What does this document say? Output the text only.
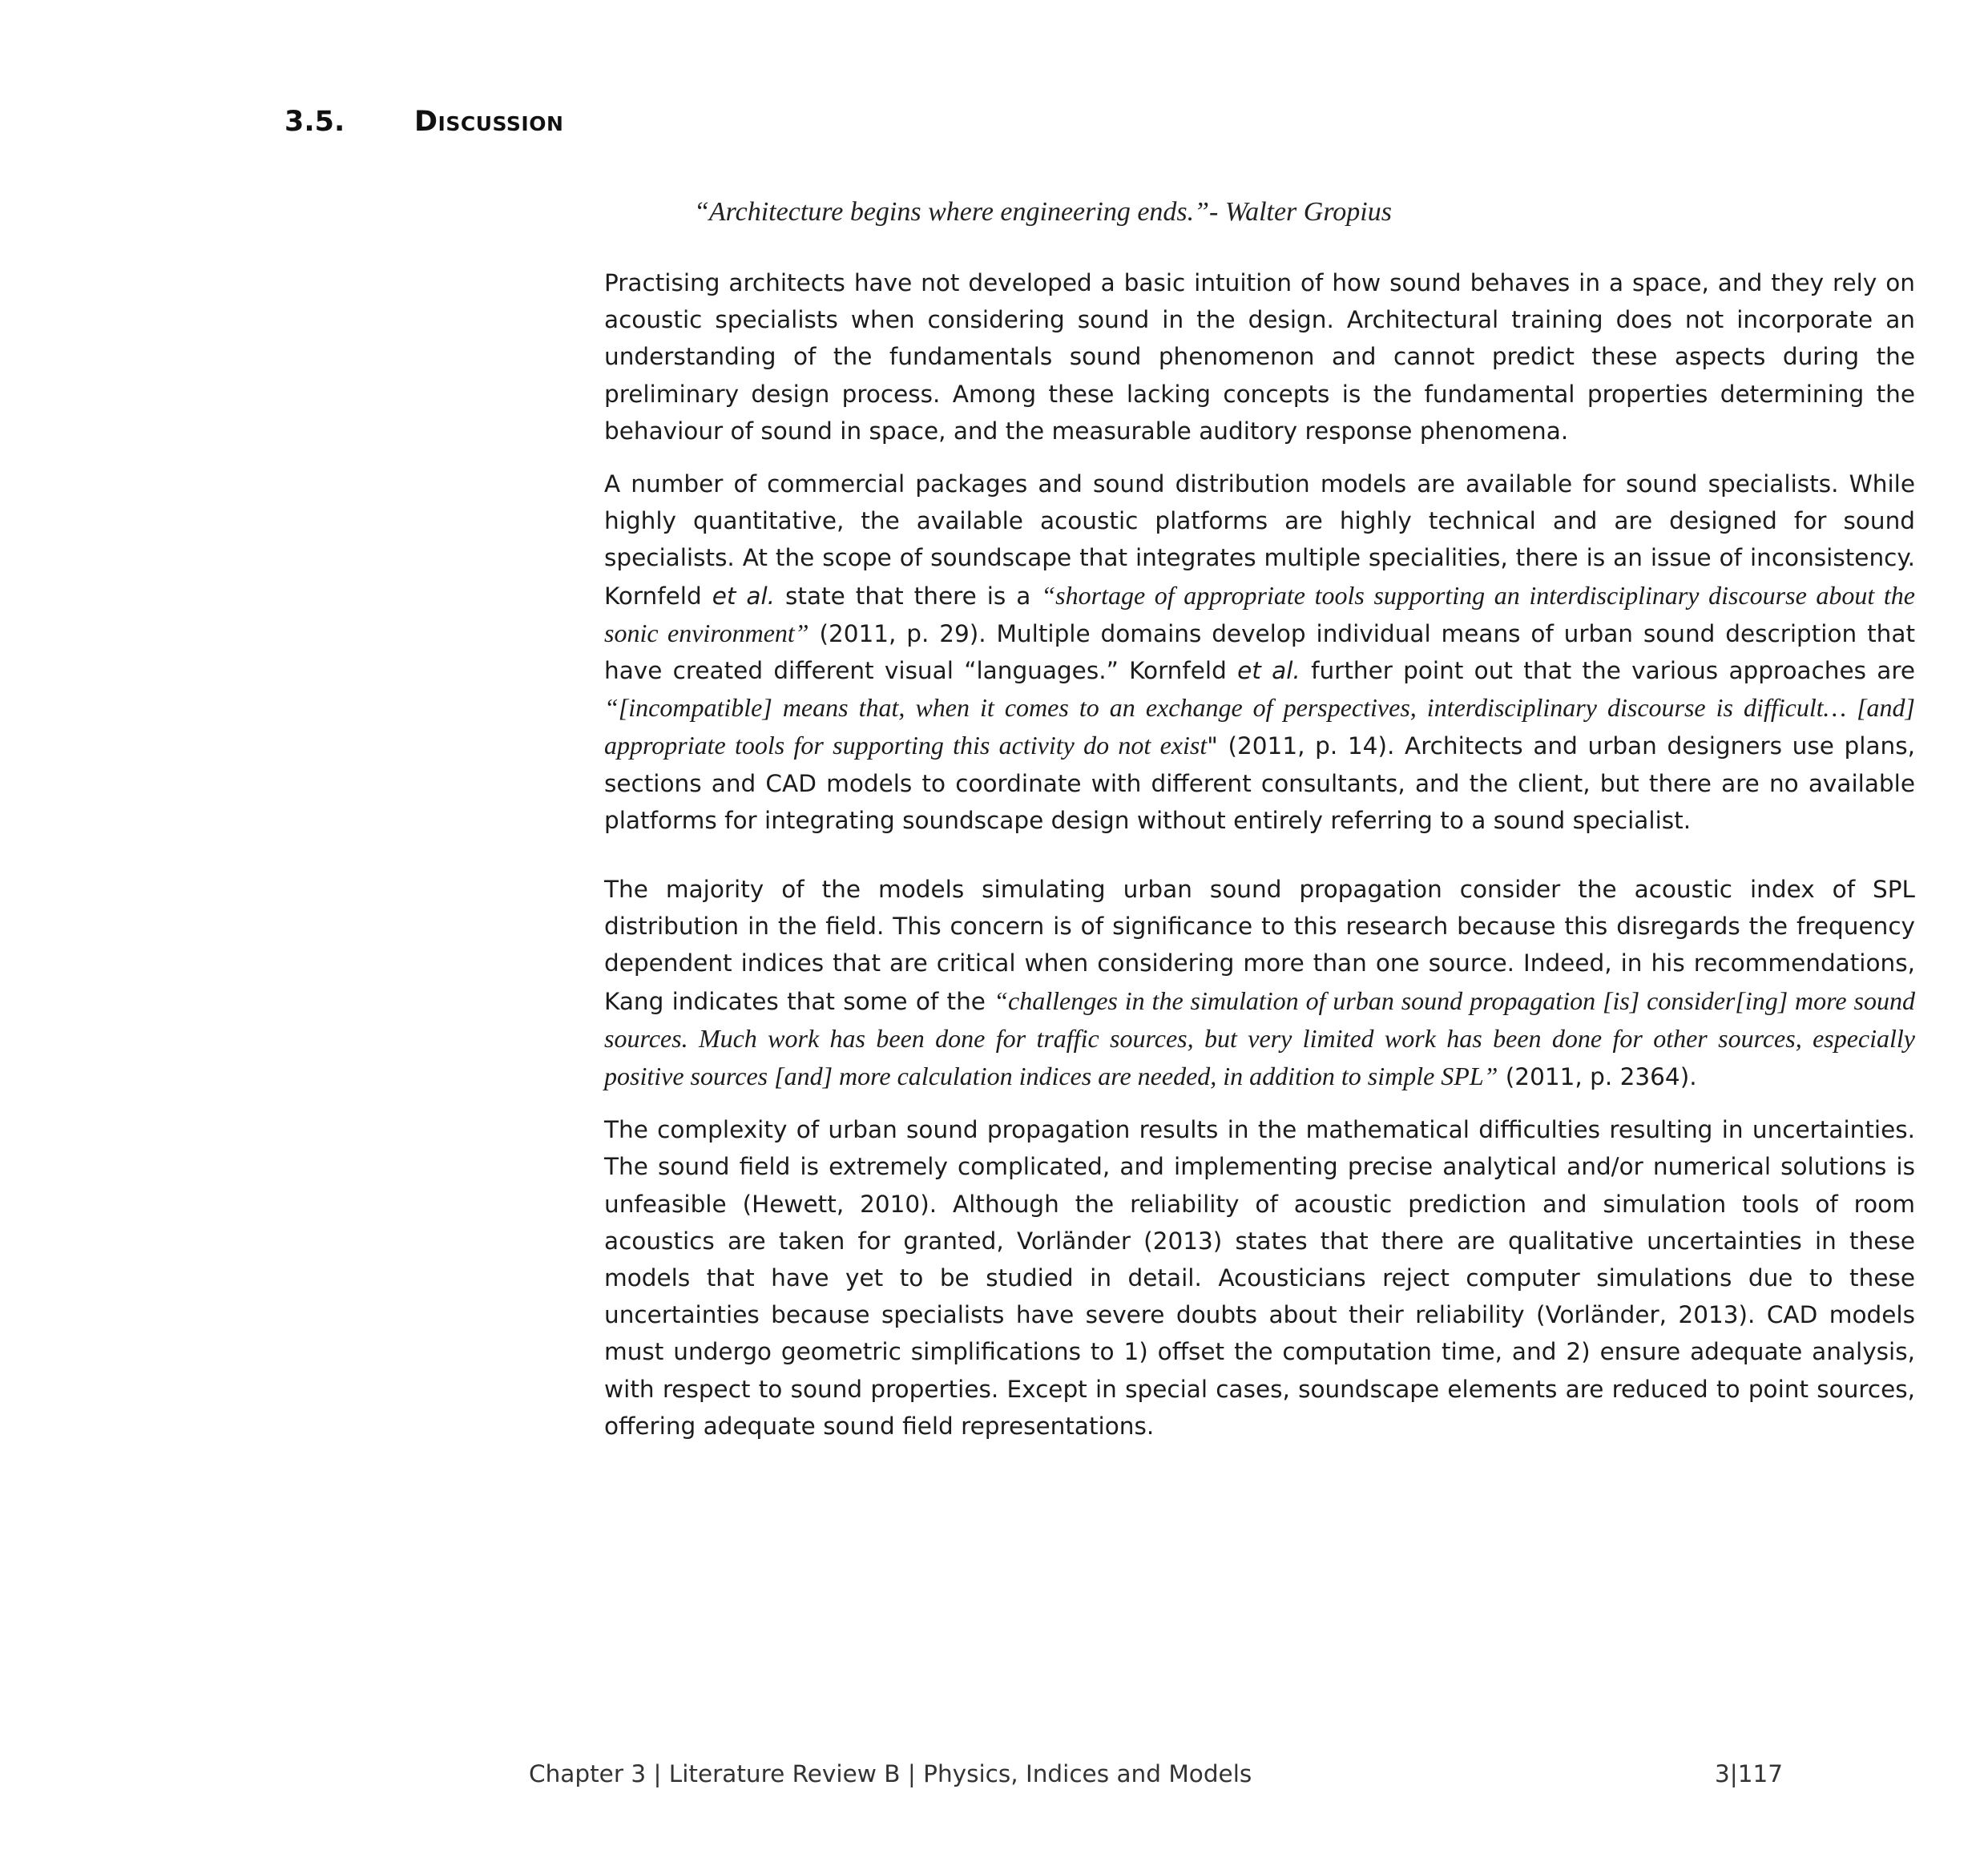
3.5.	Discussion
“Architecture begins where engineering ends.”- Walter Gropius

Practising architects have not developed a basic intuition of how sound behaves in a space, and they rely on acoustic specialists when considering sound in the design. Architectural training does not incorporate an understanding of the fundamentals sound phenomenon and cannot predict these aspects during the preliminary design process. Among these lacking concepts is the fundamental properties determining the behaviour of sound in space, and the measurable auditory response phenomena.

A number of commercial packages and sound distribution models are available for sound specialists. While highly quantitative, the available acoustic platforms are highly technical and are designed for sound specialists. At the scope of soundscape that integrates multiple specialities, there is an issue of inconsistency. Kornfeld et al. state that there is a “shortage of appropriate tools supporting an interdisciplinary discourse about the sonic environment” (2011, p. 29). Multiple domains develop individual means of urban sound description that have created different visual “languages.” Kornfeld et al. further point out that the various approaches are “[incompatible] means that, when it comes to an exchange of perspectives, interdisciplinary discourse is difficult… [and] appropriate tools for supporting this activity do not exist" (2011, p. 14). Architects and urban designers use plans, sections and CAD models to coordinate with different consultants, and the client, but there are no available platforms for integrating soundscape design without entirely referring to a sound specialist.

The majority of the models simulating urban sound propagation consider the acoustic index of SPL distribution in the field. This concern is of significance to this research because this disregards the frequency dependent indices that are critical when considering more than one source. Indeed, in his recommendations, Kang indicates that some of the “challenges in the simulation of urban sound propagation [is] consider[ing] more sound sources. Much work has been done for traffic sources, but very limited work has been done for other sources, especially positive sources [and] more calculation indices are needed, in addition to simple SPL” (2011, p. 2364).

The complexity of urban sound propagation results in the mathematical difficulties resulting in uncertainties. The sound field is extremely complicated, and implementing precise analytical and/or numerical solutions is unfeasible (Hewett, 2010). Although the reliability of acoustic prediction and simulation tools of room acoustics are taken for granted, Vorländer (2013) states that there are qualitative uncertainties in these models that have yet to be studied in detail. Acousticians reject computer simulations due to these uncertainties because specialists have severe doubts about their reliability (Vorländer, 2013). CAD models must undergo geometric simplifications to 1) offset the computation time, and 2) ensure adequate analysis, with respect to sound properties. Except in special cases, soundscape elements are reduced to point sources, offering adequate sound field representations.

Chapter 3 | Literature Review B | Physics, Indices and Models	3|117
